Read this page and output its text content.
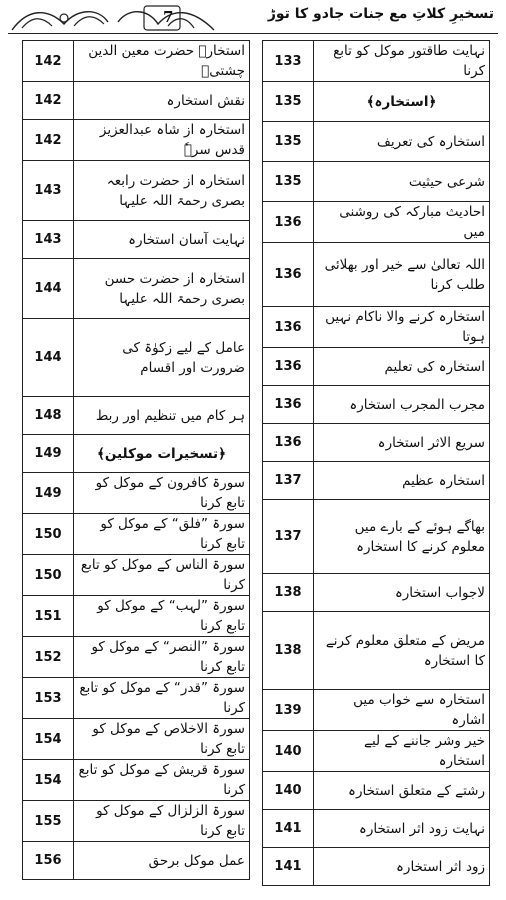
7	تسخیرِ کلاتِ مع جنات جادو کا توڑ
142	استخارہ حضرت معین الدین چشتیؒ
142	نقش استخارہ
142	استخارہ از شاہ عبدالعزیز قدس سرہٗ
143	استخارہ از حضرت رابعہ بصری رحمۃ اللہ علیہا
143	نہایت آسان استخارہ
144	استخارہ از حضرت حسن بصری رحمۃ اللہ علیہا
144	عامل کے لیے زکوٰۃ کی ضرورت اور اقسام
148	ہر کام میں تنظیم اور ربط
149	﴿تسخیرات موکلین﴾
149	سورۃ کافرون کے موکل کو تابع کرنا
150	سورۃ ”فلق“ کے موکل کو تابع کرنا
150	سورۃ الناس کے موکل کو تابع کرنا
151	سورۃ ”لہب“ کے موکل کو تابع کرنا
152	سورۃ ”النصر“ کے موکل کو تابع کرنا
153	سورۃ ”قدر“ کے موکل کو تابع کرنا
154	سورۃ الاخلاص کے موکل کو تابع کرنا
154	سورۃ قریش کے موکل کو تابع کرنا
155	سورۃ الزلزال کے موکل کو تابع کرنا
156	عمل موکل برحق
133	نہایت طاقتور موکل کو تابع کرنا
135	﴿استخارہ﴾
135	استخارہ کی تعریف
135	شرعی حیثیت
136	احادیث مبارکہ کی روشنی میں
136	اللہ تعالیٰ سے خیر اور بھلائی طلب کرنا
136	استخارہ کرنے والا ناکام نہیں ہوتا
136	استخارہ کی تعلیم
136	مجرب المجرب استخارہ
136	سریع الاثر استخارہ
137	استخارہ عظیم
137	بھاگے ہوئے کے بارے میں معلوم کرنے کا استخارہ
138	لاجواب استخارہ
138	مریض کے متعلق معلوم کرنے کا استخارہ
139	استخارہ سے خواب میں اشارہ
140	خیر وشر جاننے کے لیے استخارہ
140	رشتے کے متعلق استخارہ
141	نہایت زود اثر استخارہ
141	زود اثر استخارہ
